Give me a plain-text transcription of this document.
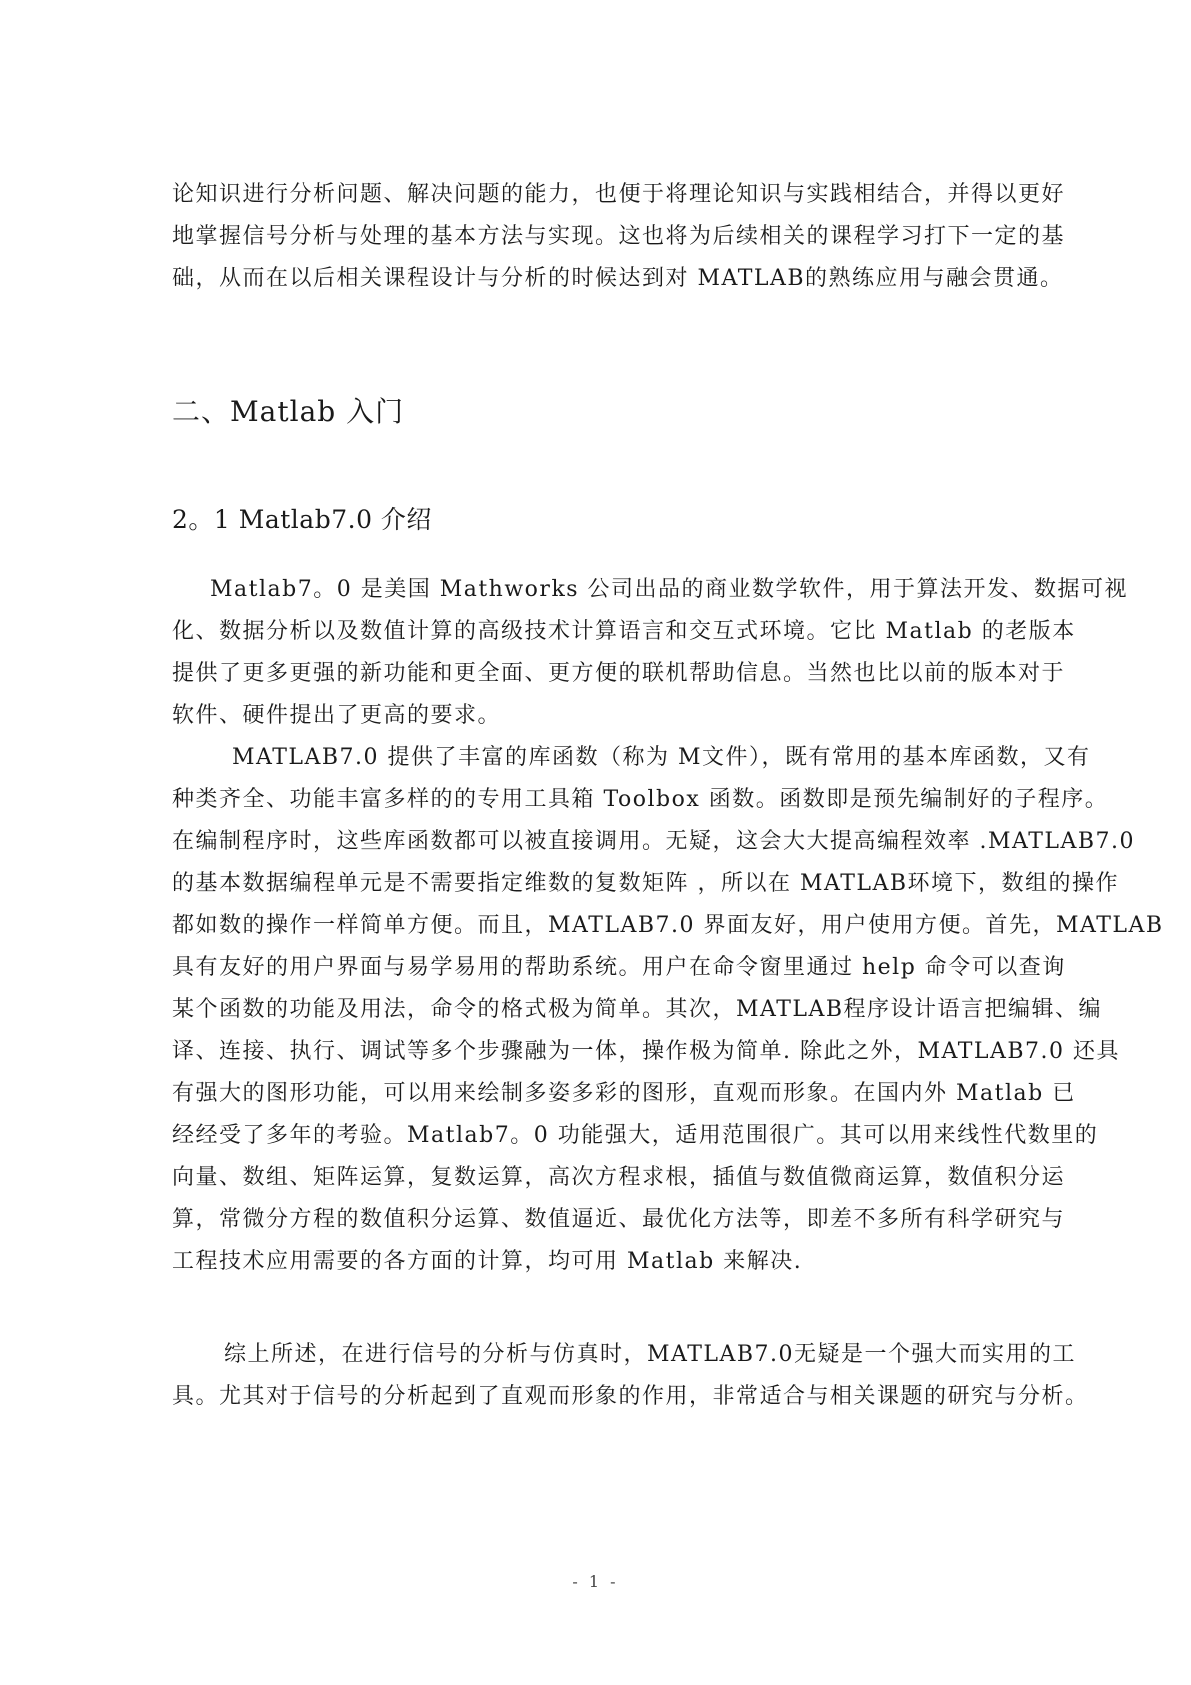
论知识进行分析问题、解决问题的能力，也便于将理论知识与实践相结合，并得以更好
地掌握信号分析与处理的基本方法与实现。这也将为后续相关的课程学习打下一定的基
础，从而在以后相关课程设计与分析的时候达到对 MATLAB的熟练应用与融会贯通。
二、Matlab 入门
2。1 Matlab7.0 介绍
Matlab7。0 是美国 Mathworks 公司出品的商业数学软件，用于算法开发、数据可视
化、数据分析以及数值计算的高级技术计算语言和交互式环境。它比 Matlab 的老版本
提供了更多更强的新功能和更全面、更方便的联机帮助信息。当然也比以前的版本对于
软件、硬件提出了更高的要求。
MATLAB7.0 提供了丰富的库函数（称为 M文件），既有常用的基本库函数，又有
种类齐全、功能丰富多样的的专用工具箱 Toolbox 函数。函数即是预先编制好的子程序。
在编制程序时，这些库函数都可以被直接调用。无疑，这会大大提高编程效率 .MATLAB7.0
的基本数据编程单元是不需要指定维数的复数矩阵 ，所以在 MATLAB环境下，数组的操作
都如数的操作一样简单方便。而且，MATLAB7.0 界面友好，用户使用方便。首先，MATLAB
具有友好的用户界面与易学易用的帮助系统。用户在命令窗里通过 help 命令可以查询
某个函数的功能及用法，命令的格式极为简单。其次，MATLAB程序设计语言把编辑、编
译、连接、执行、调试等多个步骤融为一体，操作极为简单. 除此之外，MATLAB7.0 还具
有强大的图形功能，可以用来绘制多姿多彩的图形，直观而形象。在国内外 Matlab 已
经经受了多年的考验。Matlab7。0 功能强大，适用范围很广。其可以用来线性代数里的
向量、数组、矩阵运算，复数运算，高次方程求根，插值与数值微商运算，数值积分运
算，常微分方程的数值积分运算、数值逼近、最优化方法等，即差不多所有科学研究与
工程技术应用需要的各方面的计算，均可用 Matlab 来解决.
综上所述，在进行信号的分析与仿真时，MATLAB7.0无疑是一个强大而实用的工
具。尤其对于信号的分析起到了直观而形象的作用，非常适合与相关课题的研究与分析。
- 1 -
